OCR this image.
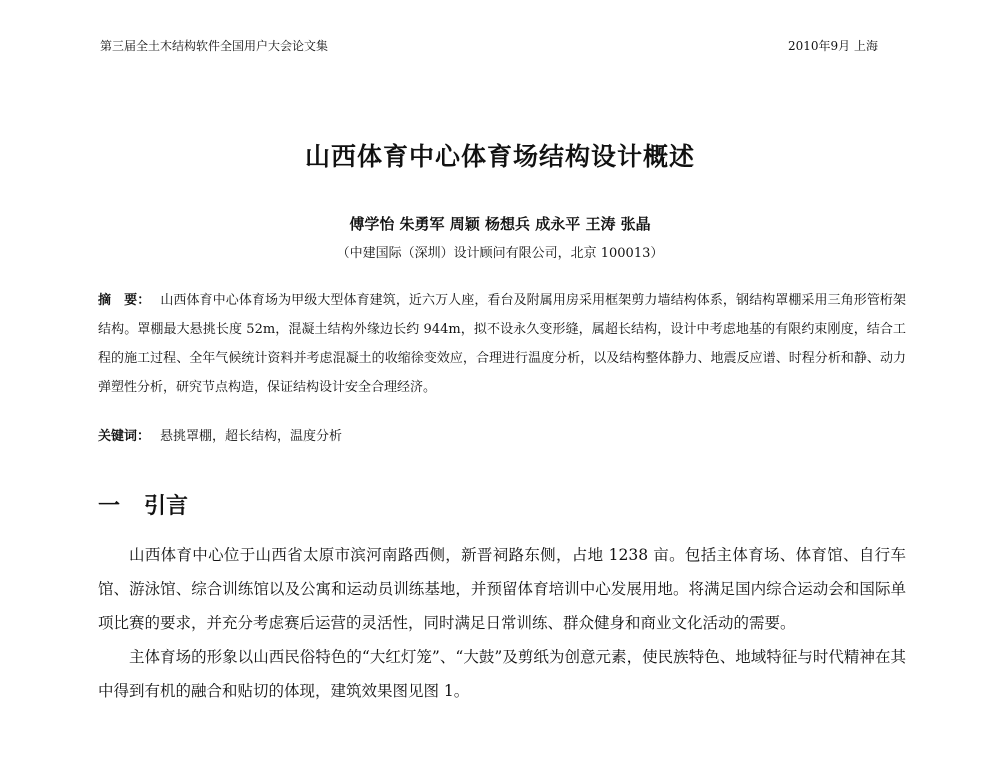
第三届全土木结构软件全国用户大会论文集	2010年9月 上海
山西体育中心体育场结构设计概述
傅学怡 朱勇军 周颖 杨想兵 成永平 王涛 张晶
（中建国际（深圳）设计顾问有限公司，北京 100013）
摘　要： 山西体育中心体育场为甲级大型体育建筑，近六万人座，看台及附属用房采用框架剪力墙结构体系，钢结构罩棚采用三角形管桁架结构。罩棚最大悬挑长度 52m，混凝土结构外缘边长约 944m，拟不设永久变形缝，属超长结构，设计中考虑地基的有限约束刚度，结合工程的施工过程、全年气候统计资料并考虑混凝土的收缩徐变效应，合理进行温度分析，以及结构整体静力、地震反应谱、时程分析和静、动力弹塑性分析，研究节点构造，保证结构设计安全合理经济。
关键词： 悬挑罩棚，超长结构，温度分析
一 引言

山西体育中心位于山西省太原市滨河南路西侧，新晋祠路东侧，占地 1238 亩。包括主体育场、体育馆、自行车馆、游泳馆、综合训练馆以及公寓和运动员训练基地，并预留体育培训中心发展用地。将满足国内综合运动会和国际单项比赛的要求，并充分考虑赛后运营的灵活性，同时满足日常训练、群众健身和商业文化活动的需要。

主体育场的形象以山西民俗特色的“大红灯笼”、“大鼓”及剪纸为创意元素，使民族特色、地域特征与时代精神在其中得到有机的融合和贴切的体现，建筑效果图见图 1。
